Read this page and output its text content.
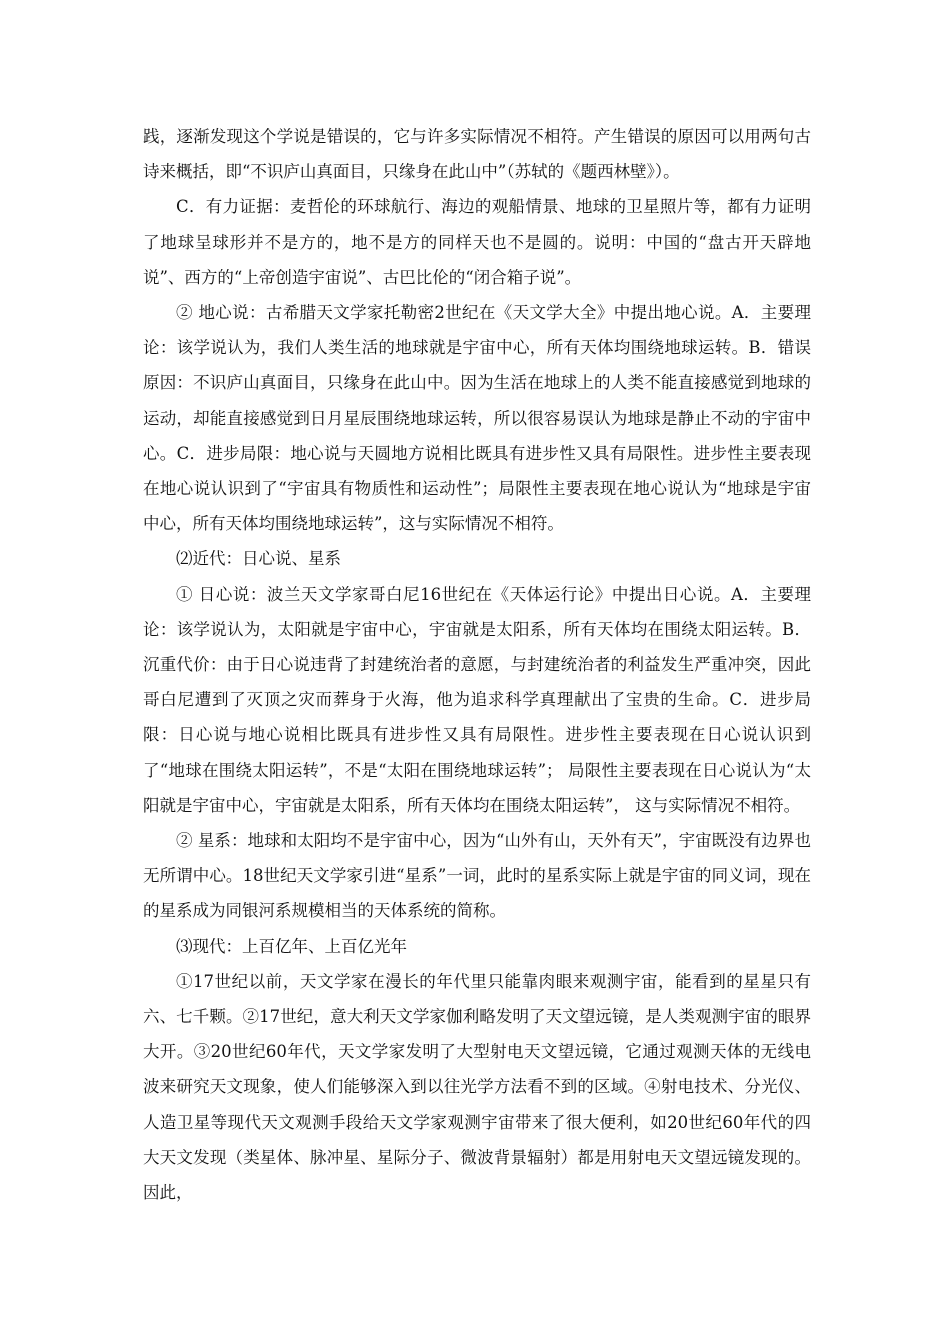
践，逐渐发现这个学说是错误的，它与许多实际情况不相符。产生错误的原因可以用两句古诗来概括，即“不识庐山真面目，只缘身在此山中”（苏轼的《题西林壁》）。

C．有力证据：麦哲伦的环球航行、海边的观船情景、地球的卫星照片等，都有力证明了地球呈球形并不是方的，地不是方的同样天也不是圆的。说明：中国的“盘古开天辟地说”、西方的“上帝创造宇宙说”、古巴比伦的“闭合箱子说”。

② 地心说：古希腊天文学家托勒密2世纪在《天文学大全》中提出地心说。A．主要理论：该学说认为，我们人类生活的地球就是宇宙中心，所有天体均围绕地球运转。B．错误原因：不识庐山真面目，只缘身在此山中。因为生活在地球上的人类不能直接感觉到地球的运动，却能直接感觉到日月星辰围绕地球运转，所以很容易误认为地球是静止不动的宇宙中心。C．进步局限：地心说与天圆地方说相比既具有进步性又具有局限性。进步性主要表现在地心说认识到了“宇宙具有物质性和运动性”；局限性主要表现在地心说认为“地球是宇宙中心，所有天体均围绕地球运转”，这与实际情况不相符。

⑵近代：日心说、星系

① 日心说：波兰天文学家哥白尼16世纪在《天体运行论》中提出日心说。A．主要理论：该学说认为，太阳就是宇宙中心，宇宙就是太阳系，所有天体均在围绕太阳运转。B．沉重代价：由于日心说违背了封建统治者的意愿，与封建统治者的利益发生严重冲突，因此哥白尼遭到了灭顶之灾而葬身于火海，他为追求科学真理献出了宝贵的生命。C．进步局限：日心说与地心说相比既具有进步性又具有局限性。进步性主要表现在日心说认识到了“地球在围绕太阳运转”，不是“太阳在围绕地球运转”； 局限性主要表现在日心说认为“太阳就是宇宙中心，宇宙就是太阳系，所有天体均在围绕太阳运转”， 这与实际情况不相符。

② 星系：地球和太阳均不是宇宙中心，因为“山外有山，天外有天”，宇宙既没有边界也无所谓中心。18世纪天文学家引进“星系”一词，此时的星系实际上就是宇宙的同义词，现在的星系成为同银河系规模相当的天体系统的简称。

⑶现代：上百亿年、上百亿光年

①17世纪以前，天文学家在漫长的年代里只能靠肉眼来观测宇宙，能看到的星星只有六、七千颗。②17世纪，意大利天文学家伽利略发明了天文望远镜，是人类观测宇宙的眼界大开。③20世纪60年代，天文学家发明了大型射电天文望远镜，它通过观测天体的无线电波来研究天文现象，使人们能够深入到以往光学方法看不到的区域。④射电技术、分光仪、人造卫星等现代天文观测手段给天文学家观测宇宙带来了很大便利，如20世纪60年代的四大天文发现（类星体、脉冲星、星际分子、微波背景辐射）都是用射电天文望远镜发现的。因此，
